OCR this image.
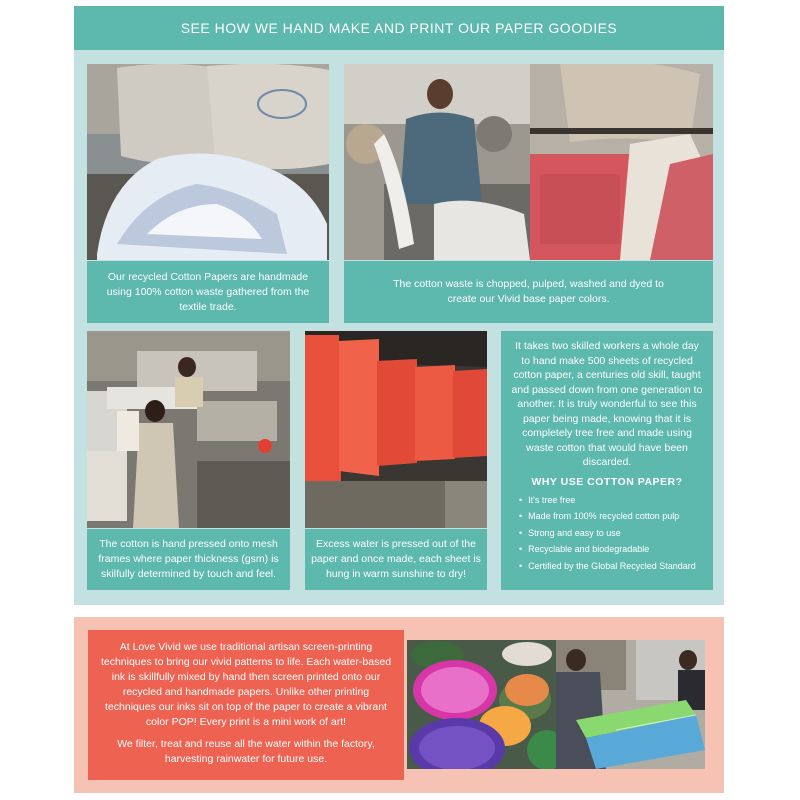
SEE HOW WE HAND MAKE AND PRINT OUR PAPER GOODIES
Our recycled Cotton Papers are handmade using 100% cotton waste gathered from the textile trade.
The cotton waste is chopped, pulped, washed and dyed to create our Vivid base paper colors.
The cotton is hand pressed onto mesh frames where paper thickness (gsm) is skilfully determined by touch and feel.
Excess water is pressed out of the paper and once made, each sheet is hung in warm sunshine to dry!

It takes two skilled workers a whole day to hand make 500 sheets of recycled cotton paper, a centuries old skill, taught and passed down from one generation to another. It is truly wonderful to see this paper being made, knowing that it is completely tree free and made using waste cotton that would have been discarded.

WHY USE COTTON PAPER?
• It's tree free
• Made from 100% recycled cotton pulp
• Strong and easy to use
• Recyclable and biodegradable
• Certified by the Global Recycled Standard

At Love Vivid we use traditional artisan screen-printing techniques to bring our vivid patterns to life. Each water-based ink is skillfully mixed by hand then screen printed onto our recycled and handmade papers. Unlike other printing techniques our inks sit on top of the paper to create a vibrant color POP! Every print is a mini work of art!

We filter, treat and reuse all the water within the factory, harvesting rainwater for future use.
